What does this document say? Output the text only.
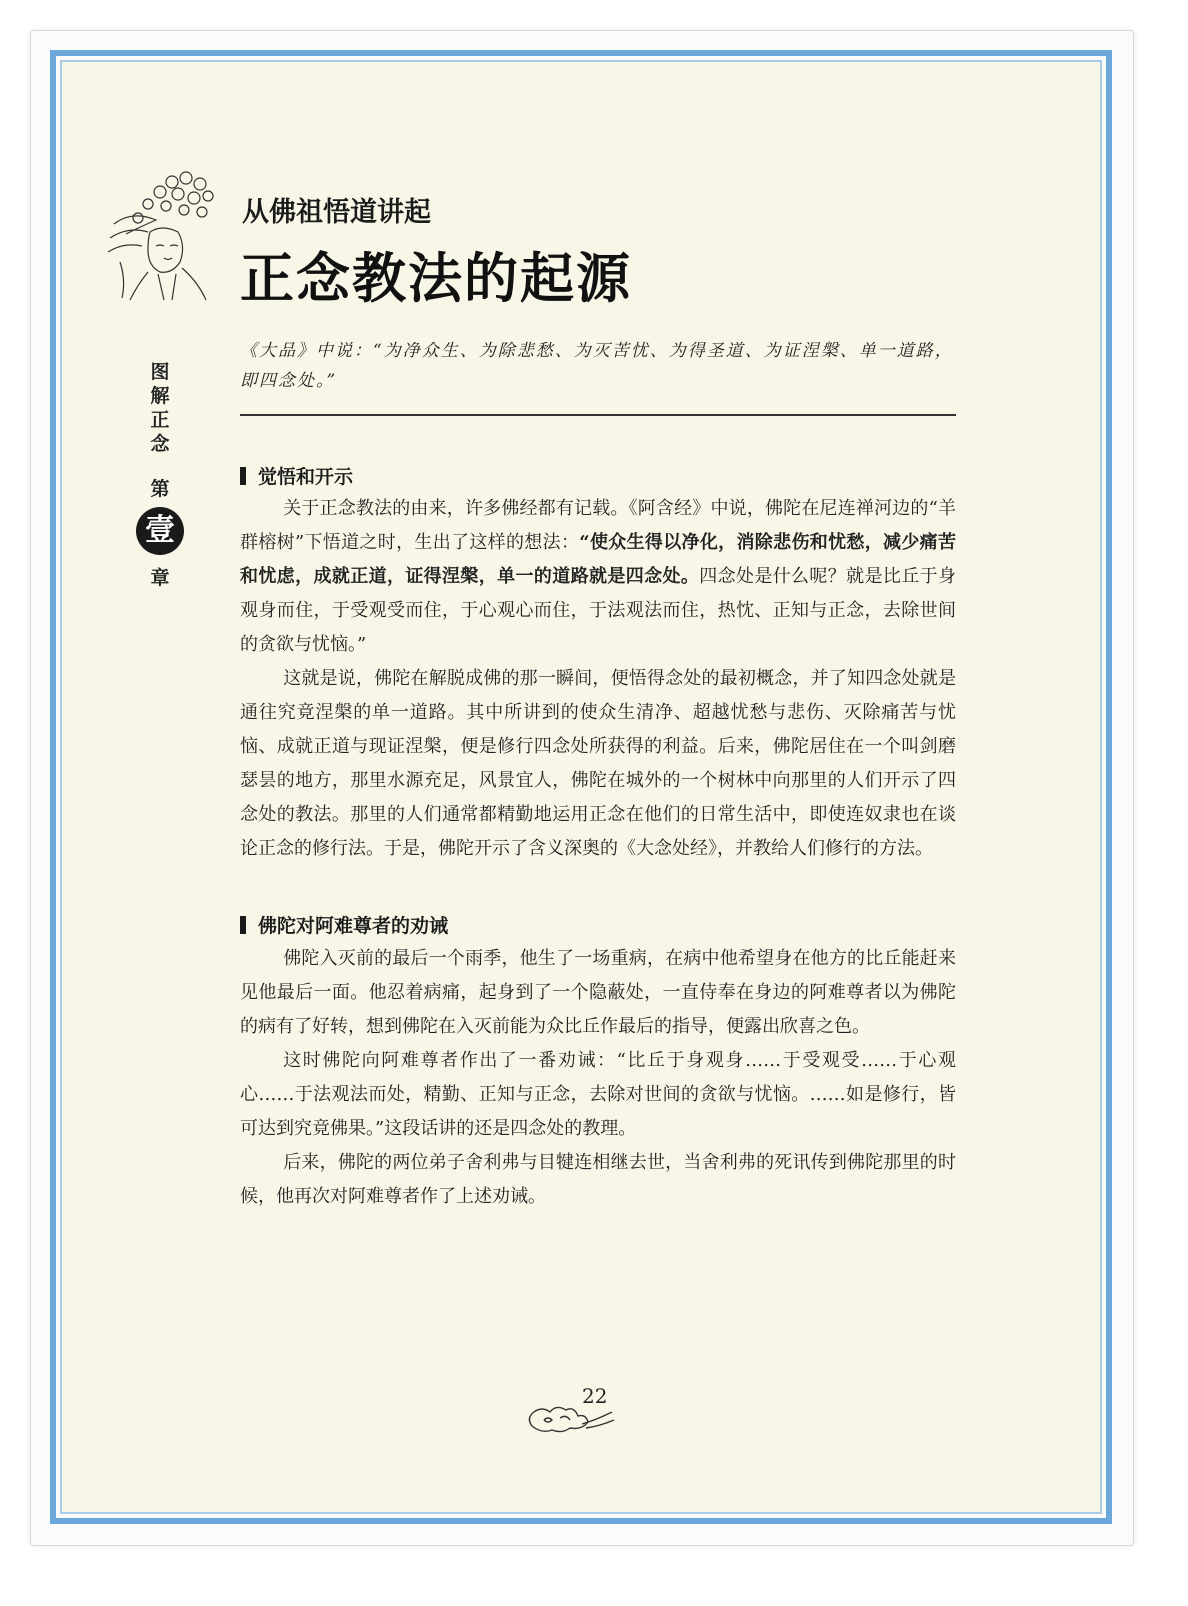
图解正念
第
壹
章
从佛祖悟道讲起
正念教法的起源

《大品》中说：“为净众生、为除悲愁、为灭苦忧、为得圣道、为证涅槃、单一道路，即四念处。”

觉悟和开示

关于正念教法的由来，许多佛经都有记载。《阿含经》中说，佛陀在尼连禅河边的“羊群榕树”下悟道之时，生出了这样的想法：“使众生得以净化，消除悲伤和忧愁，减少痛苦和忧虑，成就正道，证得涅槃，单一的道路就是四念处。四念处是什么呢？就是比丘于身观身而住，于受观受而住，于心观心而住，于法观法而住，热忱、正知与正念，去除世间的贪欲与忧恼。”

这就是说，佛陀在解脱成佛的那一瞬间，便悟得念处的最初概念，并了知四念处就是通往究竟涅槃的单一道路。其中所讲到的使众生清净、超越忧愁与悲伤、灭除痛苦与忧恼、成就正道与现证涅槃，便是修行四念处所获得的利益。后来，佛陀居住在一个叫剑磨瑟昙的地方，那里水源充足，风景宜人，佛陀在城外的一个树林中向那里的人们开示了四念处的教法。那里的人们通常都精勤地运用正念在他们的日常生活中，即使连奴隶也在谈论正念的修行法。于是，佛陀开示了含义深奥的《大念处经》，并教给人们修行的方法。

佛陀对阿难尊者的劝诫

佛陀入灭前的最后一个雨季，他生了一场重病，在病中他希望身在他方的比丘能赶来见他最后一面。他忍着病痛，起身到了一个隐蔽处，一直侍奉在身边的阿难尊者以为佛陀的病有了好转，想到佛陀在入灭前能为众比丘作最后的指导，便露出欣喜之色。

这时佛陀向阿难尊者作出了一番劝诫：“比丘于身观身……于受观受……于心观心……于法观法而处，精勤、正知与正念，去除对世间的贪欲与忧恼。……如是修行，皆可达到究竟佛果。”这段话讲的还是四念处的教理。

后来，佛陀的两位弟子舍利弗与目犍连相继去世，当舍利弗的死讯传到佛陀那里的时候，他再次对阿难尊者作了上述劝诫。

22
